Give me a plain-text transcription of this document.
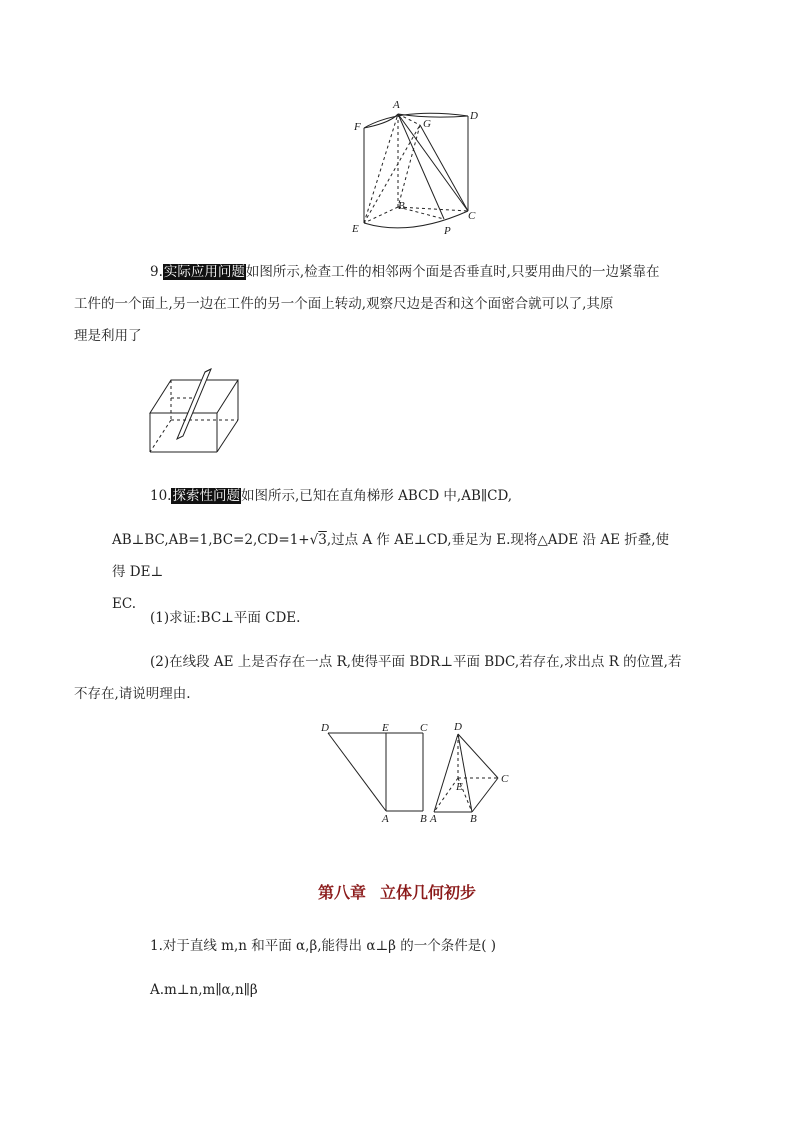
A
D
F	G
B
C
E	P

9.实际应用问题如图所示,检查工件的相邻两个面是否垂直时,只要用曲尺的一边紧靠在
工件的一个面上,另一边在工件的另一个面上转动,观察尺边是否和这个面密合就可以了,其原
理是利用了

10.探索性问题如图所示,已知在直角梯形 ABCD 中,AB∥CD,

AB⊥BC,AB=1,BC=2,CD=1+√3,过点 A 作 AE⊥CD,垂足为 E.现将△ADE 沿 AE 折叠,使得 DE⊥
EC.

(1)求证:BC⊥平面 CDE.

(2)在线段 AE 上是否存在一点 R,使得平面 BDR⊥平面 BDC,若存在,求出点 R 的位置,若
不存在,请说明理由.

D	E	C
A	B
D
C
E
A	B
第八章 立体几何初步

1.对于直线 m,n 和平面 α,β,能得出 α⊥β 的一个条件是( )

A.m⊥n,m∥α,n∥β
